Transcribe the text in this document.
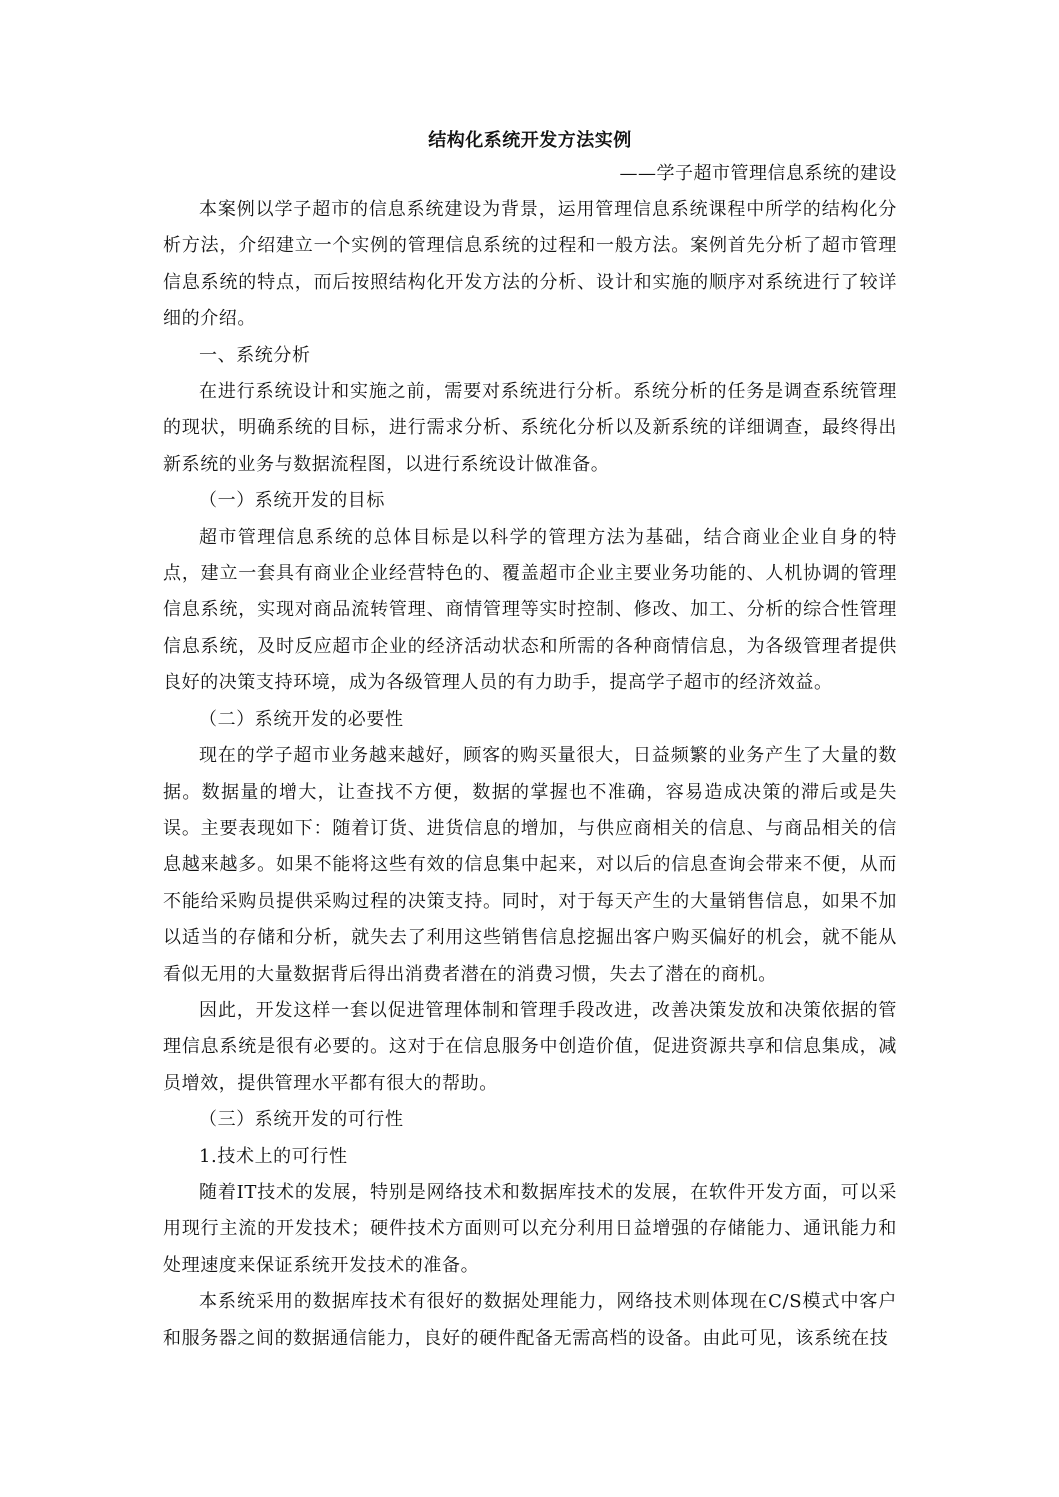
结构化系统开发方法实例

——学子超市管理信息系统的建设

本案例以学子超市的信息系统建设为背景，运用管理信息系统课程中所学的结构化分析方法，介绍建立一个实例的管理信息系统的过程和一般方法。案例首先分析了超市管理信息系统的特点，而后按照结构化开发方法的分析、设计和实施的顺序对系统进行了较详细的介绍。

一、系统分析

在进行系统设计和实施之前，需要对系统进行分析。系统分析的任务是调查系统管理的现状，明确系统的目标，进行需求分析、系统化分析以及新系统的详细调查，最终得出新系统的业务与数据流程图，以进行系统设计做准备。

（一）系统开发的目标

超市管理信息系统的总体目标是以科学的管理方法为基础，结合商业企业自身的特点，建立一套具有商业企业经营特色的、覆盖超市企业主要业务功能的、人机协调的管理信息系统，实现对商品流转管理、商情管理等实时控制、修改、加工、分析的综合性管理信息系统，及时反应超市企业的经济活动状态和所需的各种商情信息，为各级管理者提供良好的决策支持环境，成为各级管理人员的有力助手，提高学子超市的经济效益。

（二）系统开发的必要性

现在的学子超市业务越来越好，顾客的购买量很大，日益频繁的业务产生了大量的数据。数据量的增大，让查找不方便，数据的掌握也不准确，容易造成决策的滞后或是失误。主要表现如下：随着订货、进货信息的增加，与供应商相关的信息、与商品相关的信息越来越多。如果不能将这些有效的信息集中起来，对以后的信息查询会带来不便，从而不能给采购员提供采购过程的决策支持。同时，对于每天产生的大量销售信息，如果不加以适当的存储和分析，就失去了利用这些销售信息挖掘出客户购买偏好的机会，就不能从看似无用的大量数据背后得出消费者潜在的消费习惯，失去了潜在的商机。

因此，开发这样一套以促进管理体制和管理手段改进，改善决策发放和决策依据的管理信息系统是很有必要的。这对于在信息服务中创造价值，促进资源共享和信息集成，减员增效，提供管理水平都有很大的帮助。

（三）系统开发的可行性

1.技术上的可行性

随着IT技术的发展，特别是网络技术和数据库技术的发展，在软件开发方面，可以采用现行主流的开发技术；硬件技术方面则可以充分利用日益增强的存储能力、通讯能力和处理速度来保证系统开发技术的准备。

本系统采用的数据库技术有很好的数据处理能力，网络技术则体现在C/S模式中客户和服务器之间的数据通信能力，良好的硬件配备无需高档的设备。由此可见，该系统在技
